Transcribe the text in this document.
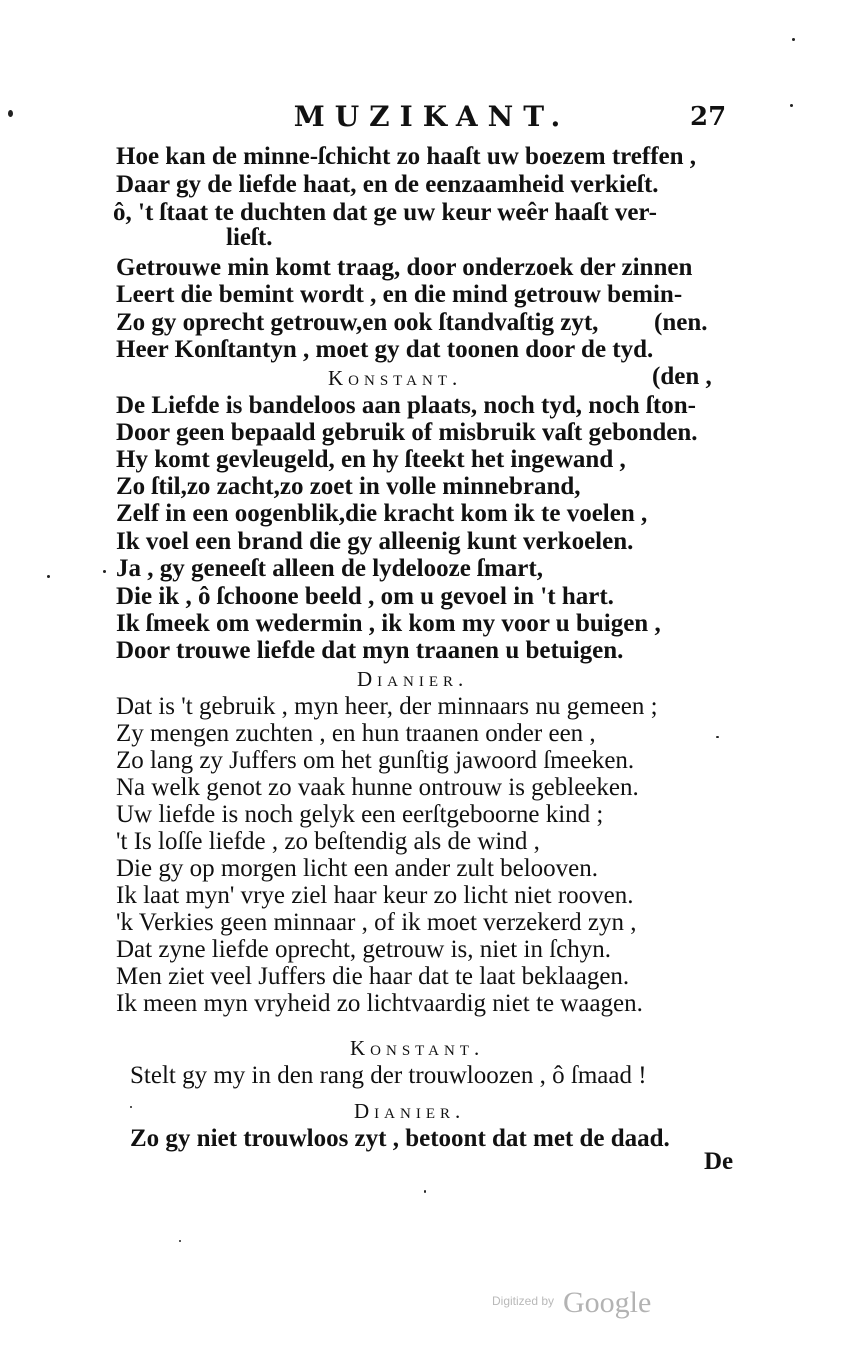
MUZIKANT.	27
Hoe kan de minne-ſchicht zo haaſt uw boezem treffen ,
Daar gy de liefde haat, en de eenzaamheid verkieſt.
ô, 't ſtaat te duchten dat ge uw keur weêr haaſt ver-
lieſt.
Getrouwe min komt traag, door onderzoek der zinnen
Leert die bemint wordt , en die mind getrouw bemin-
Zo gy oprecht getrouw,en ook ſtandvaſtig zyt, (nen.
Heer Konſtantyn , moet gy dat toonen door de tyd.
Konstant.	(den ,
De Liefde is bandeloos aan plaats, noch tyd, noch ſton-
Door geen bepaald gebruik of misbruik vaſt gebonden.
Hy komt gevleugeld, en hy ſteekt het ingewand ,
Zo ſtil,zo zacht,zo zoet in volle minnebrand,
Zelf in een oogenblik,die kracht kom ik te voelen ,
Ik voel een brand die gy alleenig kunt verkoelen.
Ja , gy geneeſt alleen de lydelooze ſmart,
Die ik , ô ſchoone beeld , om u gevoel in 't hart.
Ik ſmeek om wedermin , ik kom my voor u buigen ,
Door trouwe liefde dat myn traanen u betuigen.
Dianier.
Dat is 't gebruik , myn heer, der minnaars nu gemeen ;
Zy mengen zuchten , en hun traanen onder een ,
Zo lang zy Juffers om het gunſtig jawoord ſmeeken.
Na welk genot zo vaak hunne ontrouw is gebleeken.
Uw liefde is noch gelyk een eerſtgeboorne kind ;
't Is loſſe liefde , zo beſtendig als de wind ,
Die gy op morgen licht een ander zult belooven.
Ik laat myn' vrye ziel haar keur zo licht niet rooven.
'k Verkies geen minnaar , of ik moet verzekerd zyn ,
Dat zyne liefde oprecht, getrouw is, niet in ſchyn.
Men ziet veel Juffers die haar dat te laat beklaagen.
Ik meen myn vryheid zo lichtvaardig niet te waagen.
Konstant.
Stelt gy my in den rang der trouwloozen , ô ſmaad !
Dianier.
Zo gy niet trouwloos zyt , betoont dat met de daad.
De
Digitized by Google
